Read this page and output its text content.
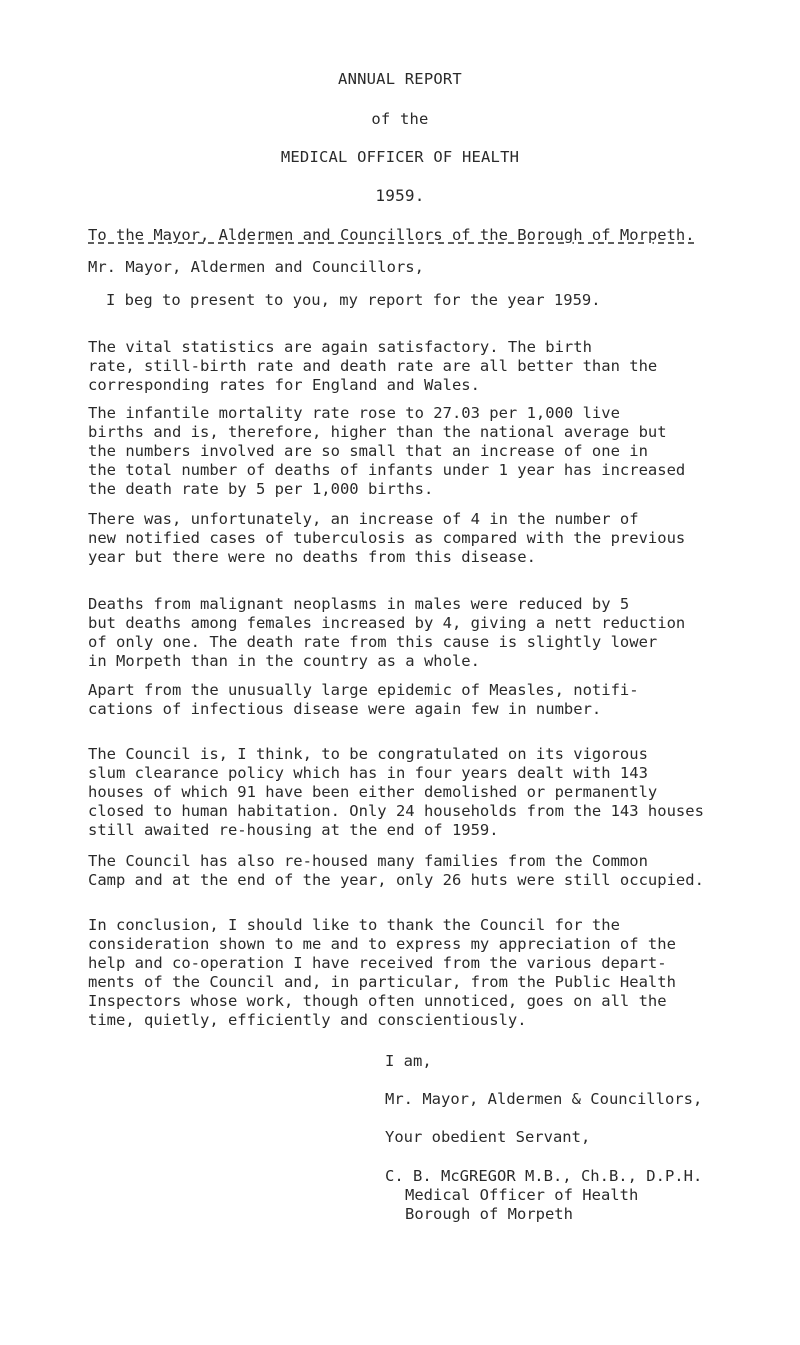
ANNUAL REPORT
of the
MEDICAL OFFICER OF HEALTH
1959.
To the Mayor, Aldermen and Councillors of the Borough of Morpeth.

Mr. Mayor, Aldermen and Councillors,

I beg to present to you, my report for the year 1959.

The vital statistics are again satisfactory. The birth
rate, still-birth rate and death rate are all better than the
corresponding rates for England and Wales.

The infantile mortality rate rose to 27.03 per 1,000 live
births and is, therefore, higher than the national average but
the numbers involved are so small that an increase of one in
the total number of deaths of infants under 1 year has increased
the death rate by 5 per 1,000 births.

There was, unfortunately, an increase of 4 in the number of
new notified cases of tuberculosis as compared with the previous
year but there were no deaths from this disease.

Deaths from malignant neoplasms in males were reduced by 5
but deaths among females increased by 4, giving a nett reduction
of only one. The death rate from this cause is slightly lower
in Morpeth than in the country as a whole.

Apart from the unusually large epidemic of Measles, notifi-
cations of infectious disease were again few in number.

The Council is, I think, to be congratulated on its vigorous
slum clearance policy which has in four years dealt with 143
houses of which 91 have been either demolished or permanently
closed to human habitation. Only 24 households from the 143 houses
still awaited re-housing at the end of 1959.

The Council has also re-housed many families from the Common
Camp and at the end of the year, only 26 huts were still occupied.

In conclusion, I should like to thank the Council for the
consideration shown to me and to express my appreciation of the
help and co-operation I have received from the various depart-
ments of the Council and, in particular, from the Public Health
Inspectors whose work, though often unnoticed, goes on all the
time, quietly, efficiently and conscientiously.

I am,
Mr. Mayor, Aldermen & Councillors,
Your obedient Servant,
C. B. McGREGOR M.B., Ch.B., D.P.H.
Medical Officer of Health
Borough of Morpeth
